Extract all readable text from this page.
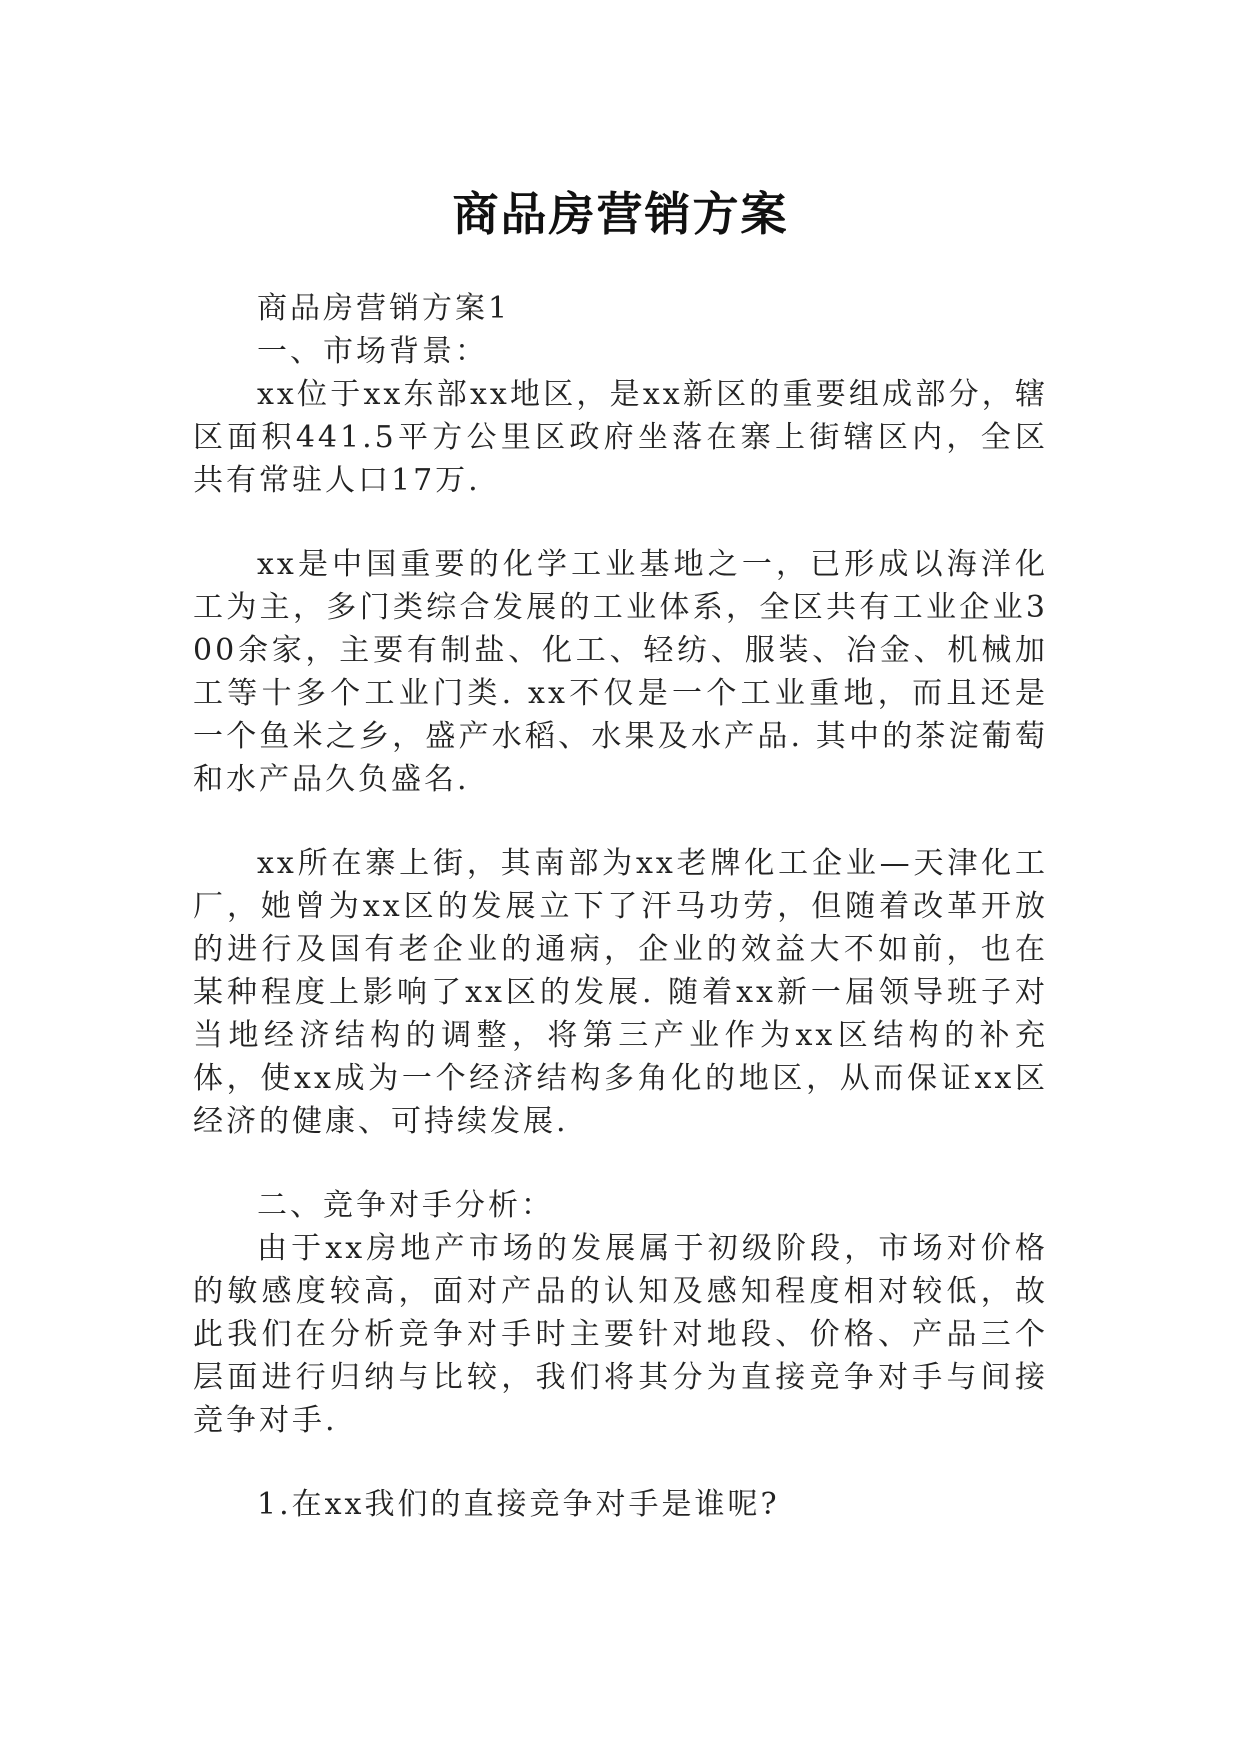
商品房营销方案

商品房营销方案1

一、市场背景：

xx位于xx东部xx地区，是xx新区的重要组成部分，辖区面积441.5平方公里区政府坐落在寨上街辖区内，全区共有常驻人口17万.

xx是中国重要的化学工业基地之一，已形成以海洋化工为主，多门类综合发展的工业体系，全区共有工业企业300余家，主要有制盐、化工、轻纺、服装、冶金、机械加工等十多个工业门类. xx不仅是一个工业重地，而且还是一个鱼米之乡，盛产水稻、水果及水产品. 其中的茶淀葡萄和水产品久负盛名.

xx所在寨上街，其南部为xx老牌化工企业—天津化工厂，她曾为xx区的发展立下了汗马功劳，但随着改革开放的进行及国有老企业的通病，企业的效益大不如前，也在某种程度上影响了xx区的发展. 随着xx新一届领导班子对当地经济结构的调整，将第三产业作为xx区结构的补充体，使xx成为一个经济结构多角化的地区，从而保证xx区经济的健康、可持续发展.

二、竞争对手分析：

由于xx房地产市场的发展属于初级阶段，市场对价格的敏感度较高，面对产品的认知及感知程度相对较低，故此我们在分析竞争对手时主要针对地段、价格、产品三个层面进行归纳与比较，我们将其分为直接竞争对手与间接竞争对手.

1.在xx我们的直接竞争对手是谁呢?
